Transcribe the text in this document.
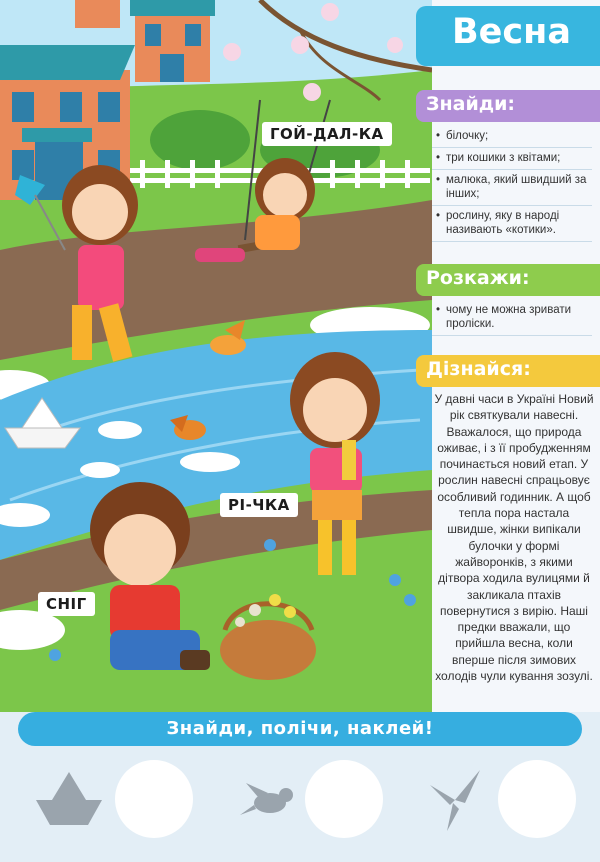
ГОЙ-ДАЛ-КА
РІ-ЧКА
СНІГ
Весна
Знайди:
• білочку;
• три кошики з квітами;
• малюка, який швидший за інших;
• рослину, яку в народі називають «котики».
Розкажи:
• чому не можна зривати проліски.
Дізнайся:
У давні часи в Україні Новий рік святкували навесні. Вважалося, що природа оживає, і з її пробудженням починається новий етап. У рослин навесні спрацьовує особливий годинник. А щоб тепла пора настала швидше, жінки випікали булочки у формі жайворонків, з якими дітвора ходила вулицями й закликала птахів повернутися з вирію. Наші предки вважали, що прийшла весна, коли вперше після зимових холодів чули кування зозулі.
Знайди, полічи, наклей!
